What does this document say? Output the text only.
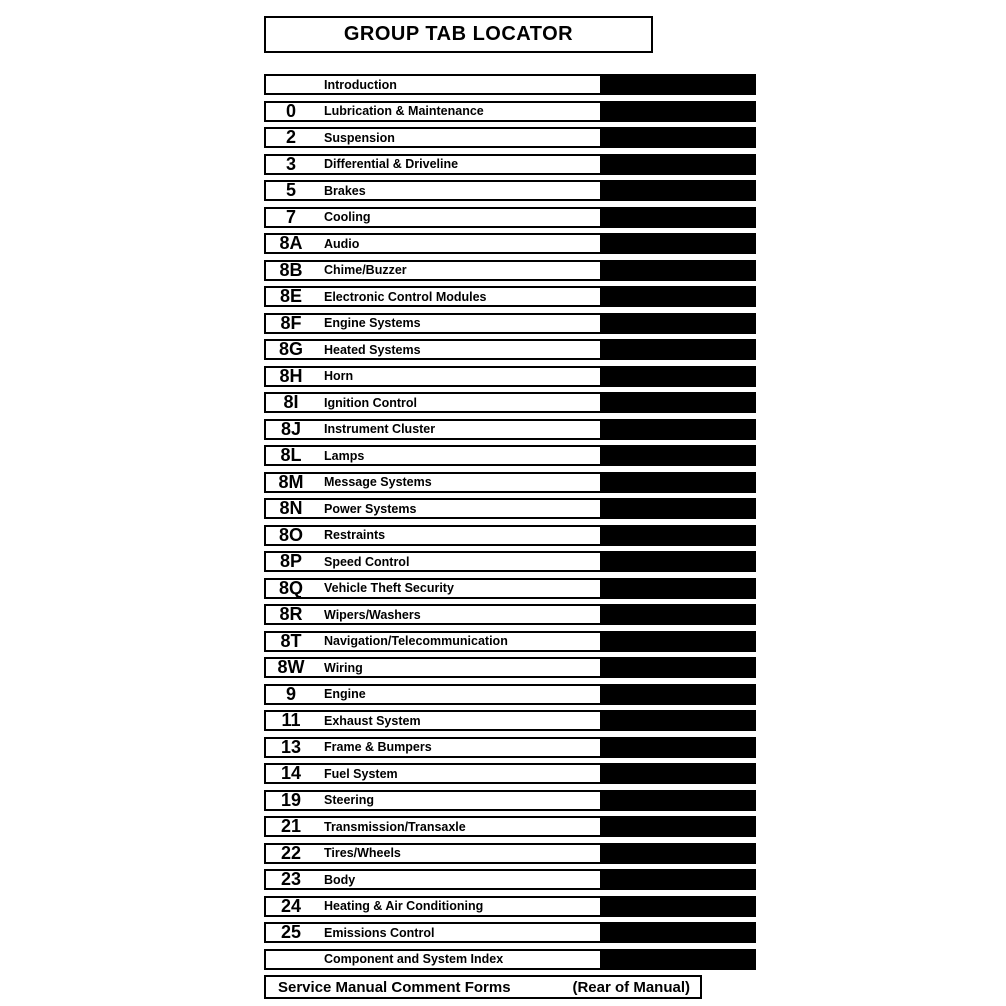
GROUP TAB LOCATOR
Introduction
0	Lubrication & Maintenance
2	Suspension
3	Differential & Driveline
5	Brakes
7	Cooling
8A	Audio
8B	Chime/Buzzer
8E	Electronic Control Modules
8F	Engine Systems
8G	Heated Systems
8H	Horn
8I	Ignition Control
8J	Instrument Cluster
8L	Lamps
8M	Message Systems
8N	Power Systems
8O	Restraints
8P	Speed Control
8Q	Vehicle Theft Security
8R	Wipers/Washers
8T	Navigation/Telecommunication
8W	Wiring
9	Engine
11	Exhaust System
13	Frame & Bumpers
14	Fuel System
19	Steering
21	Transmission/Transaxle
22	Tires/Wheels
23	Body
24	Heating & Air Conditioning
25	Emissions Control
Component and System Index
Service Manual Comment Forms	(Rear of Manual)
